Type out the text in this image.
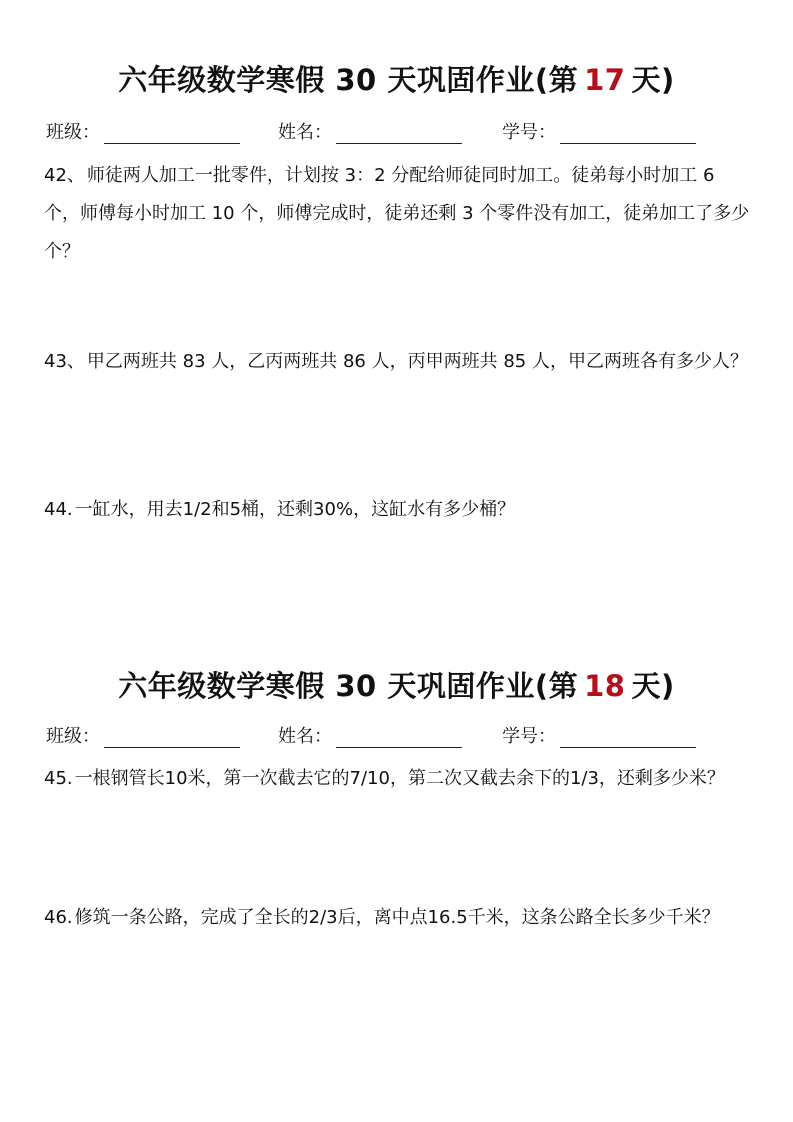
六年级数学寒假 30 天巩固作业(第 17 天)
班级：	姓名：	学号：
42、 师徒两人加工一批零件，计划按 3：2 分配给师徒同时加工。徒弟每小时加工 6 个，师傅每小时加工 10 个，师傅完成时，徒弟还剩 3 个零件没有加工，徒弟加工了多少个？
43、 甲乙两班共 83 人，乙丙两班共 86 人，丙甲两班共 85 人，甲乙两班各有多少人？
44. 一缸水，用去1/2和5桶，还剩30%，这缸水有多少桶？
六年级数学寒假 30 天巩固作业(第 18 天)
班级：	姓名：	学号：
45. 一根钢管长10米，第一次截去它的7/10，第二次又截去余下的1/3，还剩多少米？
46. 修筑一条公路，完成了全长的2/3后，离中点16.5千米，这条公路全长多少千米？
